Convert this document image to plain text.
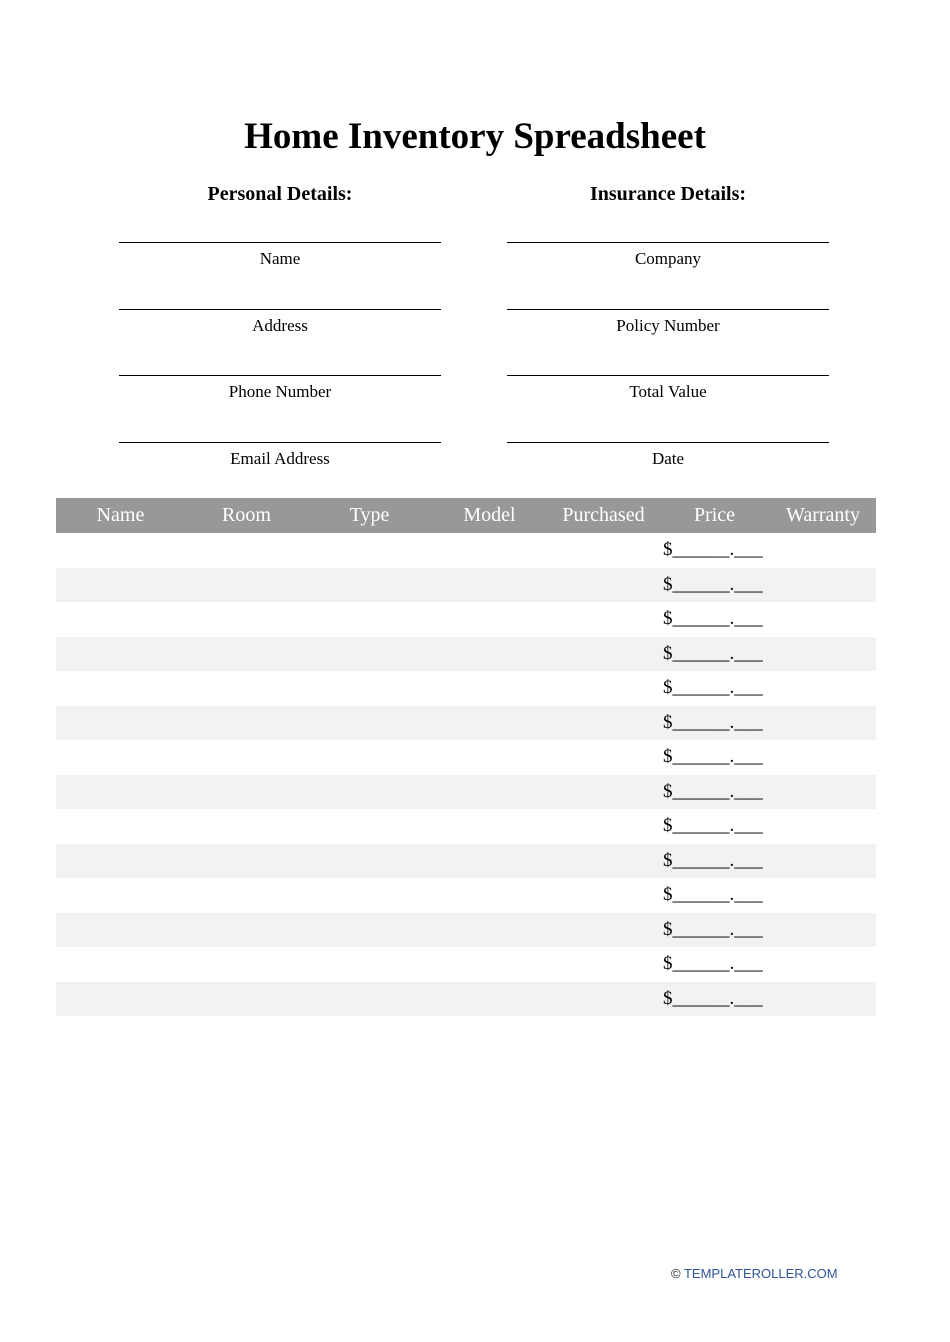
Home Inventory Spreadsheet
Personal Details:
Name
Address
Phone Number
Email Address
Insurance Details:
Company
Policy Number
Total Value
Date
Name	Room	Type	Model	Purchased	Price	Warranty
					$______.___	
					$______.___	
					$______.___	
					$______.___	
					$______.___	
					$______.___	
					$______.___	
					$______.___	
					$______.___	
					$______.___	
					$______.___	
					$______.___	
					$______.___	
					$______.___	
© TEMPLATEROLLER.COM
